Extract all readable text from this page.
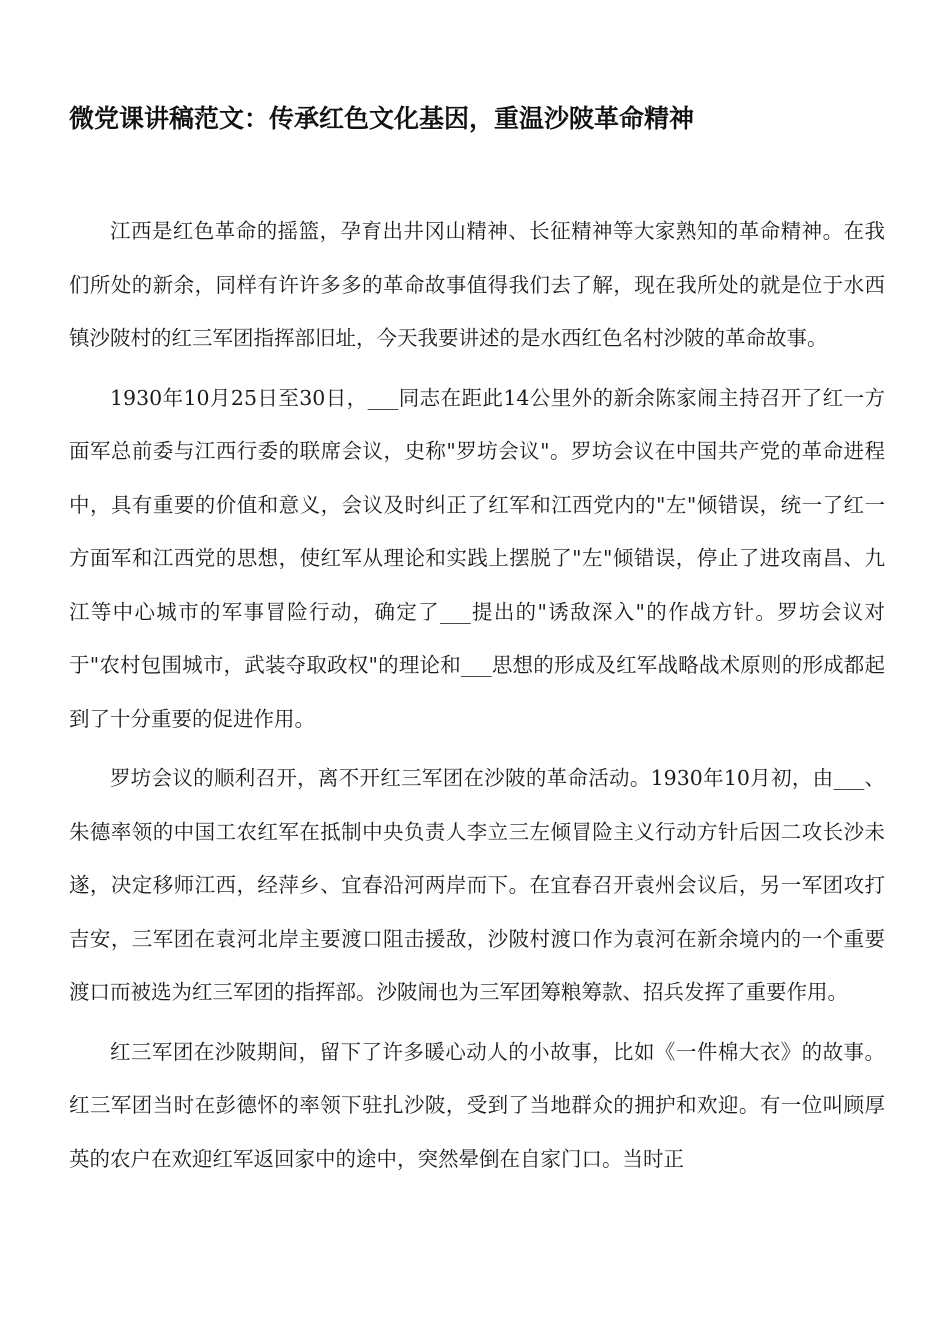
微党课讲稿范文：传承红色文化基因，重温沙陂革命精神

江西是红色革命的摇篮，孕育出井冈山精神、长征精神等大家熟知的革命精神。在我们所处的新余，同样有许许多多的革命故事值得我们去了解，现在我所处的就是位于水西镇沙陂村的红三军团指挥部旧址，今天我要讲述的是水西红色名村沙陂的革命故事。

1930年10月25日至30日，___同志在距此14公里外的新余陈家闹主持召开了红一方面军总前委与江西行委的联席会议，史称"罗坊会议"。罗坊会议在中国共产党的革命进程中，具有重要的价值和意义，会议及时纠正了红军和江西党内的"左"倾错误，统一了红一方面军和江西党的思想，使红军从理论和实践上摆脱了"左"倾错误，停止了进攻南昌、九江等中心城市的军事冒险行动，确定了___提出的"诱敌深入"的作战方针。罗坊会议对于"农村包围城市，武装夺取政权"的理论和___思想的形成及红军战略战术原则的形成都起到了十分重要的促进作用。

罗坊会议的顺利召开，离不开红三军团在沙陂的革命活动。1930年10月初，由___、朱德率领的中国工农红军在抵制中央负责人李立三左倾冒险主义行动方针后因二攻长沙未遂，决定移师江西，经萍乡、宜春沿河两岸而下。在宜春召开袁州会议后，另一军团攻打吉安，三军团在袁河北岸主要渡口阻击援敌，沙陂村渡口作为袁河在新余境内的一个重要渡口而被选为红三军团的指挥部。沙陂闹也为三军团筹粮筹款、招兵发挥了重要作用。

红三军团在沙陂期间，留下了许多暖心动人的小故事，比如《一件棉大衣》的故事。红三军团当时在彭德怀的率领下驻扎沙陂，受到了当地群众的拥护和欢迎。有一位叫顾厚英的农户在欢迎红军返回家中的途中，突然晕倒在自家门口。当时正
